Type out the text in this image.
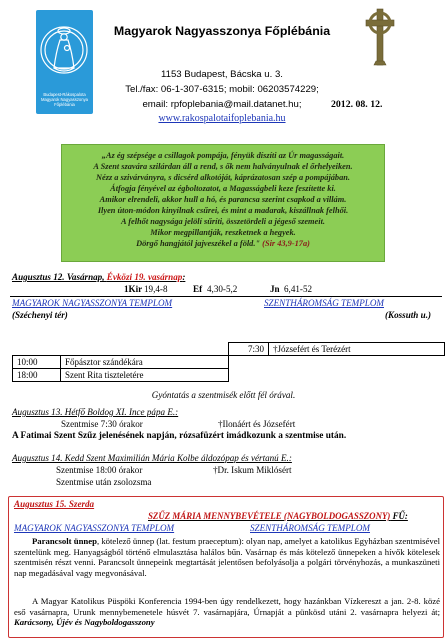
Budapest-Rákospalota Magyarok Nagyasszonya Főplébánia
Magyarok Nagyasszonya Főplébánia
1153 Budapest, Bácska u. 3.
Tel./fax: 06-1-307-6315; mobil: 06203574229;
email: rpfoplebania@mail.datanet.hu;
www.rakospalotaifoplebania.hu
2012. 08. 12.
„Az ég szépsége a csillagok pompája, fényük díszíti az Úr magasságait.
A Szent szavára szilárdan áll a rend, s ők nem halványulnak el őrhelyeiken.
Nézz a szivárványra, s dicsérd alkotóját, káprázatosan szép a pompájában.
Átfogja fényével az égboltozatot, a Magasságbeli keze feszítette ki.
Amikor elrendeli, akkor hull a hó, és parancsa szerint csapkod a villám.
Ilyen úton-módon kinyílnak csűrei, és mint a madarak, kiszállnak felhői.
A felhőt nagysága jelölí sűríti, összetördeli a jégeső szemeit.
Mikor megpillantják, reszketnek a hegyek.
Dörgő hangjától jajveszékel a föld." (Sir 43,9-17a)
Augusztus 12. Vasárnap, Évközi 19. vasárnap:
1Kir 19,4-8	Ef 4,30-5,2	Jn 6,41-52
MAGYAROK NAGYASSZONYA TEMPLOM	SZENTHÁROMSÁG TEMPLOM
(Széchenyi tér)	(Kossuth u.)
7:30	†Józsefért és Terézért
10:00	Főpásztor szándékára
18:00	Szent Rita tiszteletére
Gyóntatás a szentmisék előtt fél órával.
Augusztus 13. Hétfő Boldog XI. Ince pápa E.:
Szentmise 7:30 órakor	†Ilonáért és Józsefért
A Fatimai Szent Szűz jelenésének napján, rózsafüzért imádkozunk a szentmise után.
Augusztus 14. Kedd Szent Maximilián Mária Kolbe áldozópap és vértanú E.:
Szentmise 18:00 órakor	†Dr. Iskum Miklósért
Szentmise után zsolozsma
Augusztus 15. Szerda
SZŰZ MÁRIA MENNYBEVÉTELE (NAGYBOLDOGASSZONY) FŰ:
MAGYAROK NAGYASSZONYA TEMPLOM	SZENTHÁROMSÁG TEMPLOM
Parancsolt ünnep, kötelező ünnep (lat. festum praeceptum): olyan nap, amelyet a katolikus Egyházban szentmisével szentelünk meg. Hanyagságból történő elmulasztása halálos bűn. Vasárnap és más kötelező ünnepeken a hívők kötelesek szentmisén részt venni. Parancsolt ünnepeink megtartását jelentősen befolyásolja a polgári törvényhozás, a munkaszüneti nap megadásával vagy megvonásával.
A Magyar Katolikus Püspöki Konferencia 1994-ben úgy rendelkezett, hogy hazánkban Vízkereszt a jan. 2-8. közé eső vasárnapra, Urunk mennybemenetele húsvét 7. vasárnapjára, Úrnapját a pünkösd utáni 2. vasárnapra helyezi át; Karácsony, Újév és Nagyboldogasszony
